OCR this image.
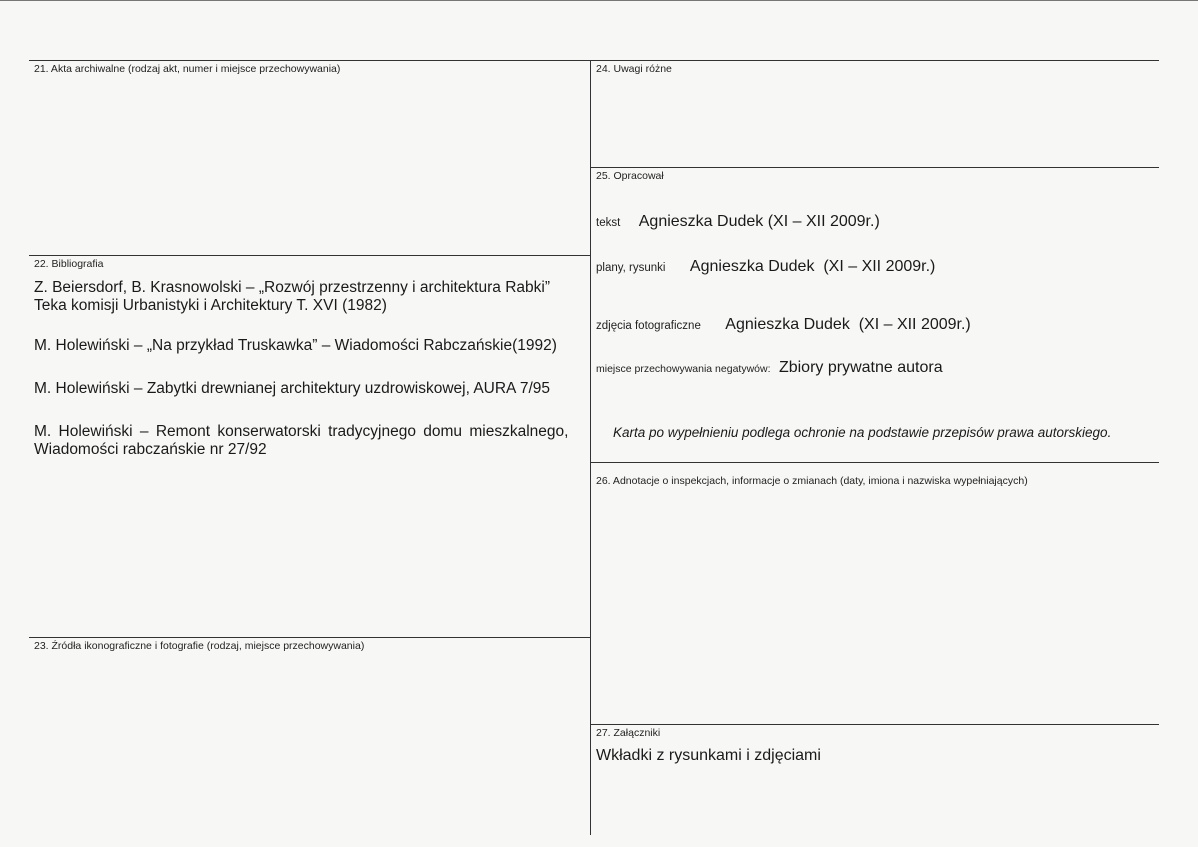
21. Akta archiwalne (rodzaj akt, numer i miejsce przechowywania)
22. Bibliografia
Z. Beiersdorf, B. Krasnowolski – „Rozwój przestrzenny i architektura Rabki”
Teka komisji Urbanistyki i Architektury T. XVI (1982)
M. Holewiński – „Na przykład Truskawka” – Wiadomości Rabczańskie(1992)
M. Holewiński – Zabytki drewnianej architektury uzdrowiskowej, AURA 7/95
M. Holewiński – Remont konserwatorski tradycyjnego domu mieszkalnego,
Wiadomości rabczańskie nr 27/92
23. Źródła ikonograficzne i fotografie (rodzaj, miejsce przechowywania)
24. Uwagi różne
25. Opracował
tekst Agnieszka Dudek (XI – XII 2009r.)
plany, rysunki Agnieszka Dudek  (XI – XII 2009r.)
zdjęcia fotograficzne Agnieszka Dudek  (XI – XII 2009r.)
miejsce przechowywania negatywów: Zbiory prywatne autora
Karta po wypełnieniu podlega ochronie na podstawie przepisów prawa autorskiego.
26. Adnotacje o inspekcjach, informacje o zmianach (daty, imiona i nazwiska wypełniających)
27. Załączniki
Wkładki z rysunkami i zdjęciami
